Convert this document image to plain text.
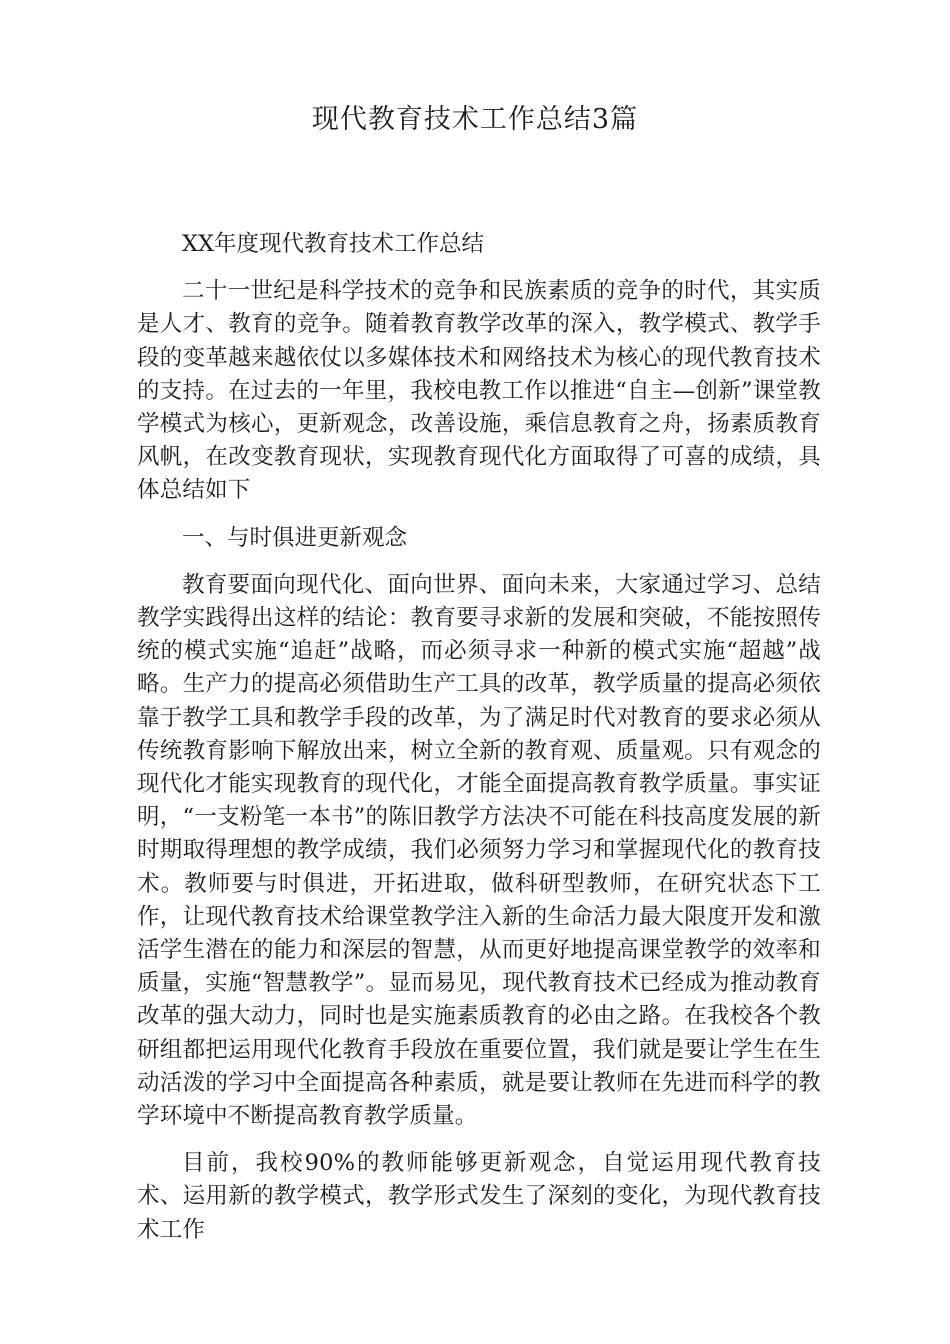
现代教育技术工作总结3篇

XX年度现代教育技术工作总结

二十一世纪是科学技术的竞争和民族素质的竞争的时代，其实质是人才、教育的竞争。随着教育教学改革的深入，教学模式、教学手段的变革越来越依仗以多媒体技术和网络技术为核心的现代教育技术的支持。在过去的一年里，我校电教工作以推进“自主—创新”课堂教学模式为核心，更新观念，改善设施，乘信息教育之舟，扬素质教育风帆，在改变教育现状，实现教育现代化方面取得了可喜的成绩，具体总结如下

一、与时俱进更新观念

教育要面向现代化、面向世界、面向未来，大家通过学习、总结教学实践得出这样的结论：教育要寻求新的发展和突破，不能按照传统的模式实施“追赶”战略，而必须寻求一种新的模式实施“超越”战略。生产力的提高必须借助生产工具的改革，教学质量的提高必须依靠于教学工具和教学手段的改革，为了满足时代对教育的要求必须从传统教育影响下解放出来，树立全新的教育观、质量观。只有观念的现代化才能实现教育的现代化，才能全面提高教育教学质量。事实证明，“一支粉笔一本书”的陈旧教学方法决不可能在科技高度发展的新时期取得理想的教学成绩，我们必须努力学习和掌握现代化的教育技术。教师要与时俱进，开拓进取，做科研型教师，在研究状态下工作，让现代教育技术给课堂教学注入新的生命活力最大限度开发和激活学生潜在的能力和深层的智慧，从而更好地提高课堂教学的效率和质量，实施“智慧教学”。显而易见，现代教育技术已经成为推动教育改革的强大动力，同时也是实施素质教育的必由之路。在我校各个教研组都把运用现代化教育手段放在重要位置，我们就是要让学生在生动活泼的学习中全面提高各种素质，就是要让教师在先进而科学的教学环境中不断提高教育教学质量。

目前，我校90%的教师能够更新观念，自觉运用现代教育技术、运用新的教学模式，教学形式发生了深刻的变化，为现代教育技术工作
